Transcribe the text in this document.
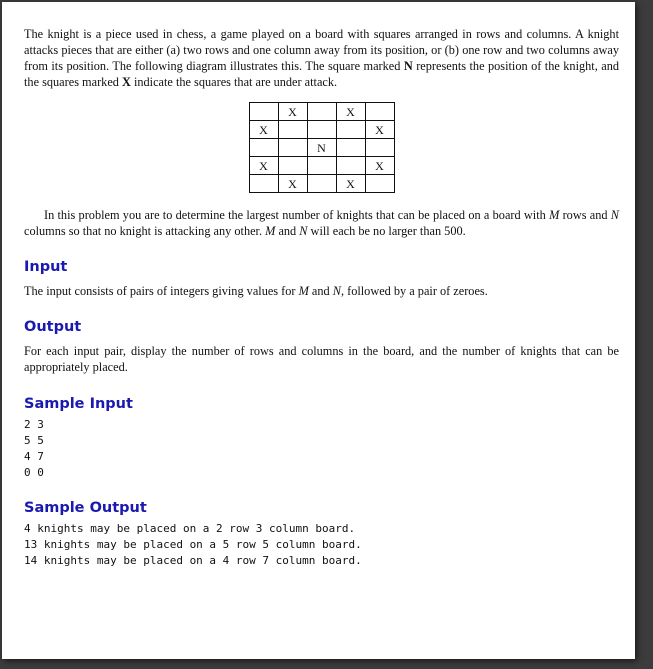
The knight is a piece used in chess, a game played on a board with squares arranged in rows and columns. A knight attacks pieces that are either (a) two rows and one column away from its position, or (b) one row and two columns away from its position. The following diagram illustrates this. The square marked N represents the position of the knight, and the squares marked X indicate the squares that are under attack.

	X		X	
X				X
		N		
X				X
	X		X	

In this problem you are to determine the largest number of knights that can be placed on a board with M rows and N columns so that no knight is attacking any other. M and N will each be no larger than 500.

Input

The input consists of pairs of integers giving values for M and N, followed by a pair of zeroes.

Output

For each input pair, display the number of rows and columns in the board, and the number of knights that can be appropriately placed.

Sample Input
2 3
5 5
4 7
0 0
Sample Output
4 knights may be placed on a 2 row 3 column board.
13 knights may be placed on a 5 row 5 column board.
14 knights may be placed on a 4 row 7 column board.
